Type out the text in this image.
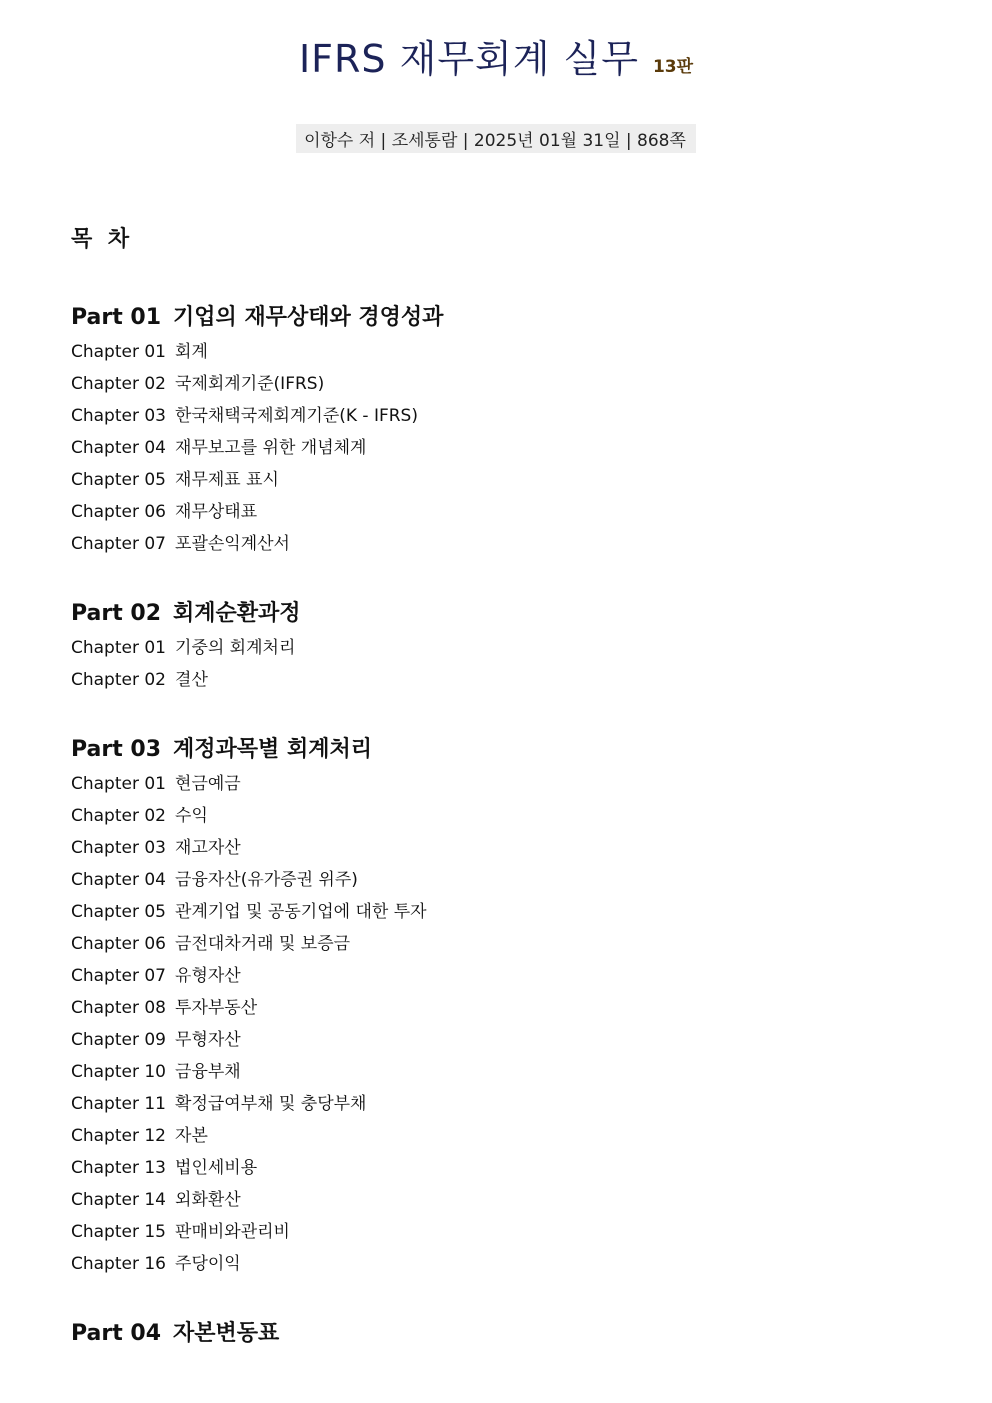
IFRS 재무회계 실무 13판
이항수 저 | 조세통람 | 2025년 01월 31일 | 868쪽
목 차
Part 01 기업의 재무상태와 경영성과
Chapter 01 회계
Chapter 02 국제회계기준(IFRS)
Chapter 03 한국채택국제회계기준(K - IFRS)
Chapter 04 재무보고를 위한 개념체계
Chapter 05 재무제표 표시
Chapter 06 재무상태표
Chapter 07 포괄손익계산서
Part 02 회계순환과정
Chapter 01 기중의 회계처리
Chapter 02 결산
Part 03 계정과목별 회계처리
Chapter 01 현금예금
Chapter 02 수익
Chapter 03 재고자산
Chapter 04 금융자산(유가증권 위주)
Chapter 05 관계기업 및 공동기업에 대한 투자
Chapter 06 금전대차거래 및 보증금
Chapter 07 유형자산
Chapter 08 투자부동산
Chapter 09 무형자산
Chapter 10 금융부채
Chapter 11 확정급여부채 및 충당부채
Chapter 12 자본
Chapter 13 법인세비용
Chapter 14 외화환산
Chapter 15 판매비와관리비
Chapter 16 주당이익
Part 04 자본변동표
